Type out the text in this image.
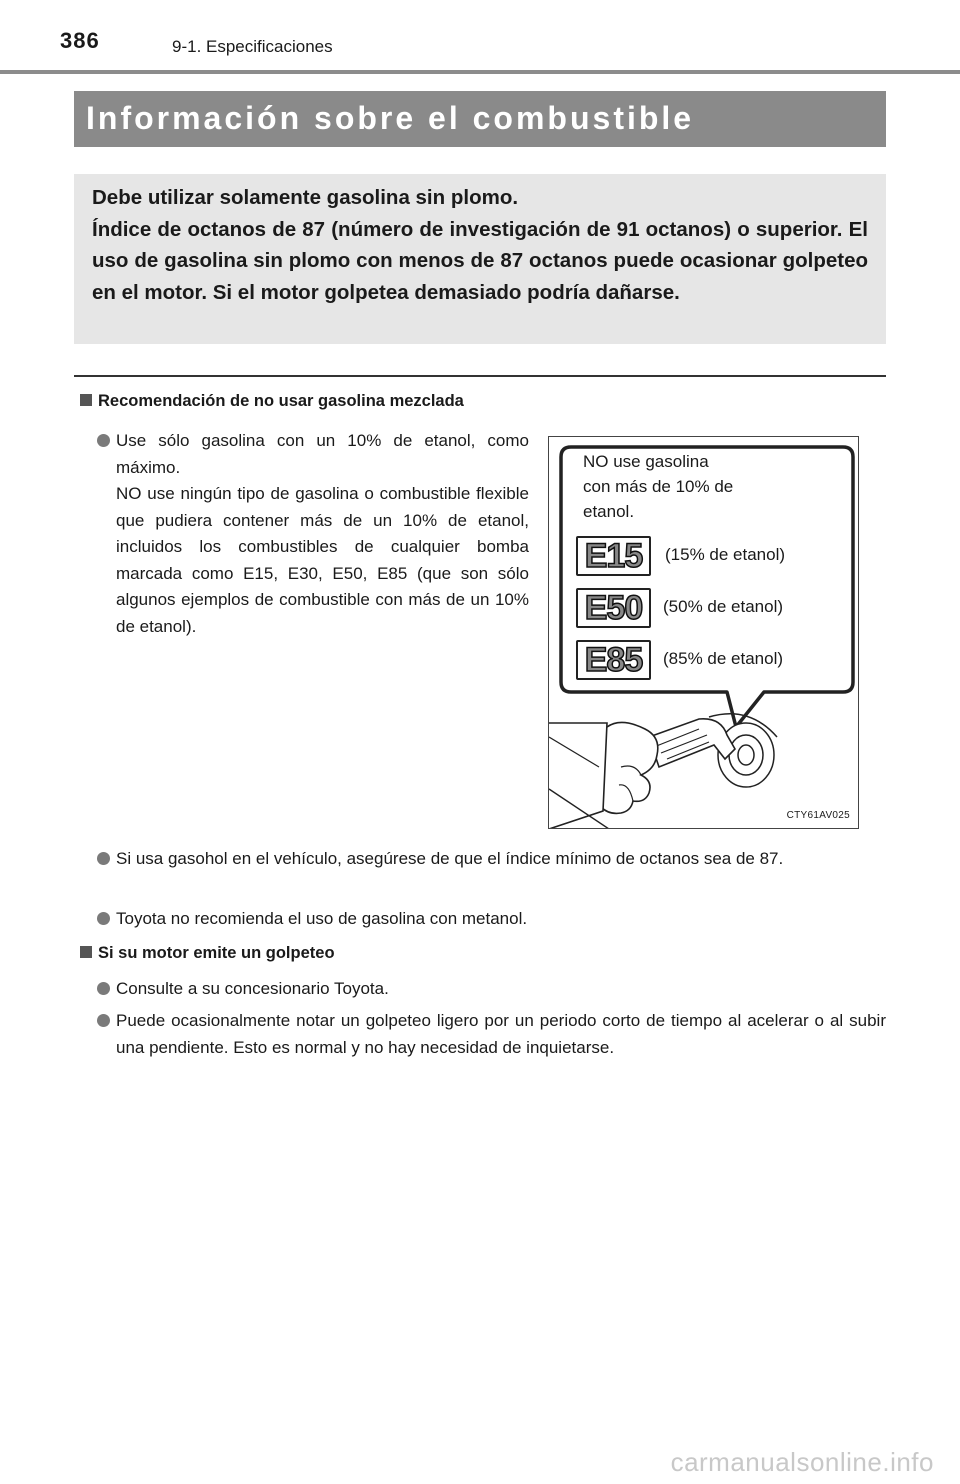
386	9-1. Especificaciones
Información sobre el combustible

Debe utilizar solamente gasolina sin plomo.

Índice de octanos de 87 (número de investigación de 91 octanos) o superior. El uso de gasolina sin plomo con menos de 87 octanos puede ocasionar golpeteo en el motor. Si el motor golpetea demasiado podría dañarse.

Recomendación de no usar gasolina mezclada
Use sólo gasolina con un 10% de etanol, como máximo.
NO use ningún tipo de gasolina o combustible flexible que pudiera contener más de un 10% de etanol, incluidos los combustibles de cualquier bomba marcada como E15, E30, E50, E85 (que son sólo algunos ejemplos de combustible con más de un 10% de etanol).
NO use gasolina
con más de 10% de
etanol.
E15	(15% de etanol)
E50	(50% de etanol)
E85	(85% de etanol)
CTY61AV025
Si usa gasohol en el vehículo, asegúrese de que el índice mínimo de octanos sea de 87.
Toyota no recomienda el uso de gasolina con metanol.
Si su motor emite un golpeteo
Consulte a su concesionario Toyota.
Puede ocasionalmente notar un golpeteo ligero por un periodo corto de tiempo al acelerar o al subir una pendiente. Esto es normal y no hay necesidad de inquietarse.
carmanualsonline.info
